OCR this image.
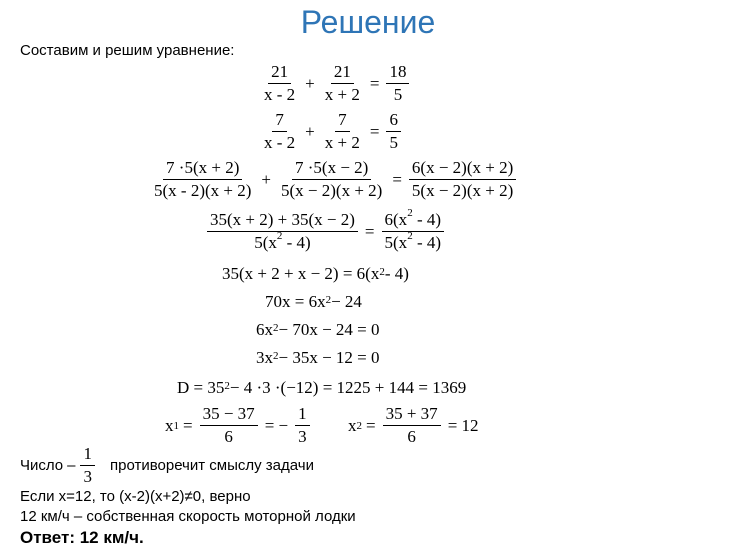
Решение
Составим и решим уравнение:
$\frac{21}{x - 2} + \frac{21}{x + 2} = \frac{18}{5}$
$\frac{7}{x - 2} + \frac{7}{x + 2} = \frac{6}{5}$
$\frac{7 \cdot 5(x + 2)}{5(x - 2)(x + 2)} + \frac{7 \cdot 5(x - 2)}{5(x - 2)(x + 2)} = \frac{6(x - 2)(x + 2)}{5(x - 2)(x + 2)}$
$\frac{35(x + 2) + 35(x - 2)}{5(x^2 - 4)} = \frac{6(x^2 - 4)}{5(x^2 - 4)}$
$35(x + 2 + x - 2) = 6(x^2 - 4)$
$70x = 6x^2 - 24$
$6x^2 - 70x - 24 = 0$
$3x^2 - 35x - 12 = 0$
$D = 35^2 - 4 \cdot 3 \cdot(-12) = 1225 + 144 = 1369$
x $1 = \frac{35 - 37}{6}$ = − $\frac{1}{3}$ x $2 = \frac{35 + 37}{6} = 12$
Число – $\frac{1}{3}$ противоречит смыслу задачи
Если x=12, то (x-2)(x+2)≠0, верно
12 км/ч – собственная скорость моторной лодки
Ответ: 12 км/ч.
